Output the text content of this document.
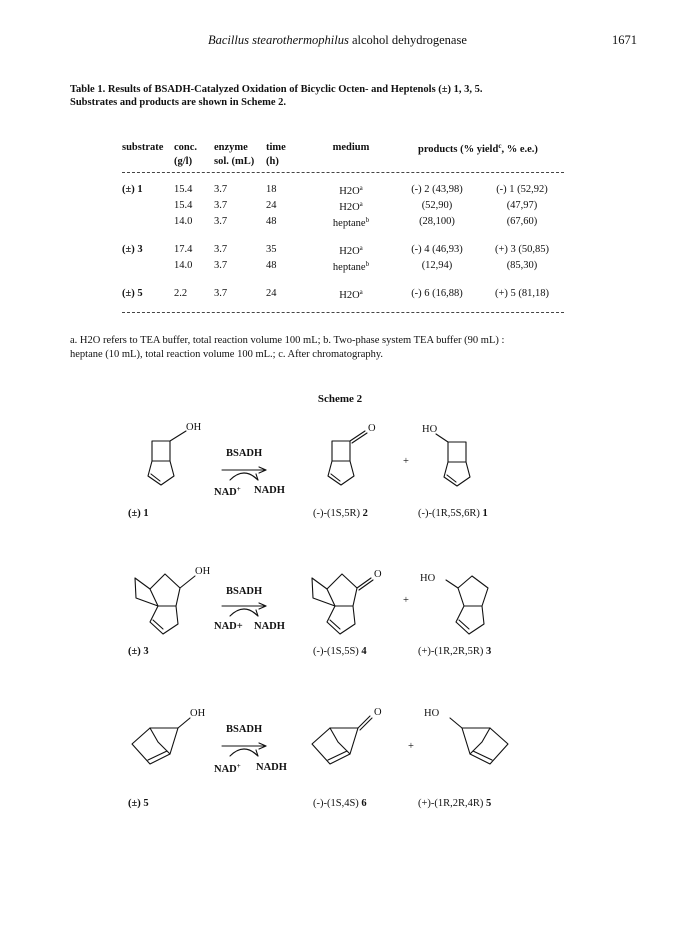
Bacillus stearothermophilus alcohol dehydrogenase	1671
Table 1. Results of BSADH-Catalyzed Oxidation of Bicyclic Octen- and Heptenols (±) 1, 3, 5.
Substrates and products are shown in Scheme 2.
substrate	conc.	enzyme	time	medium	products (% yield$^c$, % e.e.)	
	(g/l)	sol. (mL)	(h)			

(±) 1	15.4	3.7	18	$H2O^a$	(-) 2 (43,98)	(-) 1 (52,92)
	15.4	3.7	24	$H2O^a$	(52,90)	(47,97)
	14.0	3.7	48	heptane$^b$	(28,100)	(67,60)

(±) 3	17.4	3.7	35	$H2O^a$	(-) 4 (46,93)	(+) 3 (50,85)
	14.0	3.7	48	heptane$^b$	(12,94)	(85,30)

(±) 5	2.2	3.7	24	$H2O^a$	(-) 6 (16,88)	(+) 5 (81,18)
a. H2O refers to TEA buffer, total reaction volume 100 mL; b. Two-phase system TEA buffer (90 mL) :
heptane (10 mL), total reaction volume 100 mL.; c. After chromatography.
Scheme 2
OH
BSADH
NAD+ NADH
O
+
HO
(±) 1	(-)-(1S,5R) 2	(-)-(1R,5S,6R) 1
OH
BSADH
NAD+ NADH
O
+
HO
(±) 3	(-)-(1S,5S) 4	(+)-(1R,2R,5R) 3
OH
BSADH
NAD+ NADH
O
+
HO
(±) 5	(-)-(1S,4S) 6	(+)-(1R,2R,4R) 5
